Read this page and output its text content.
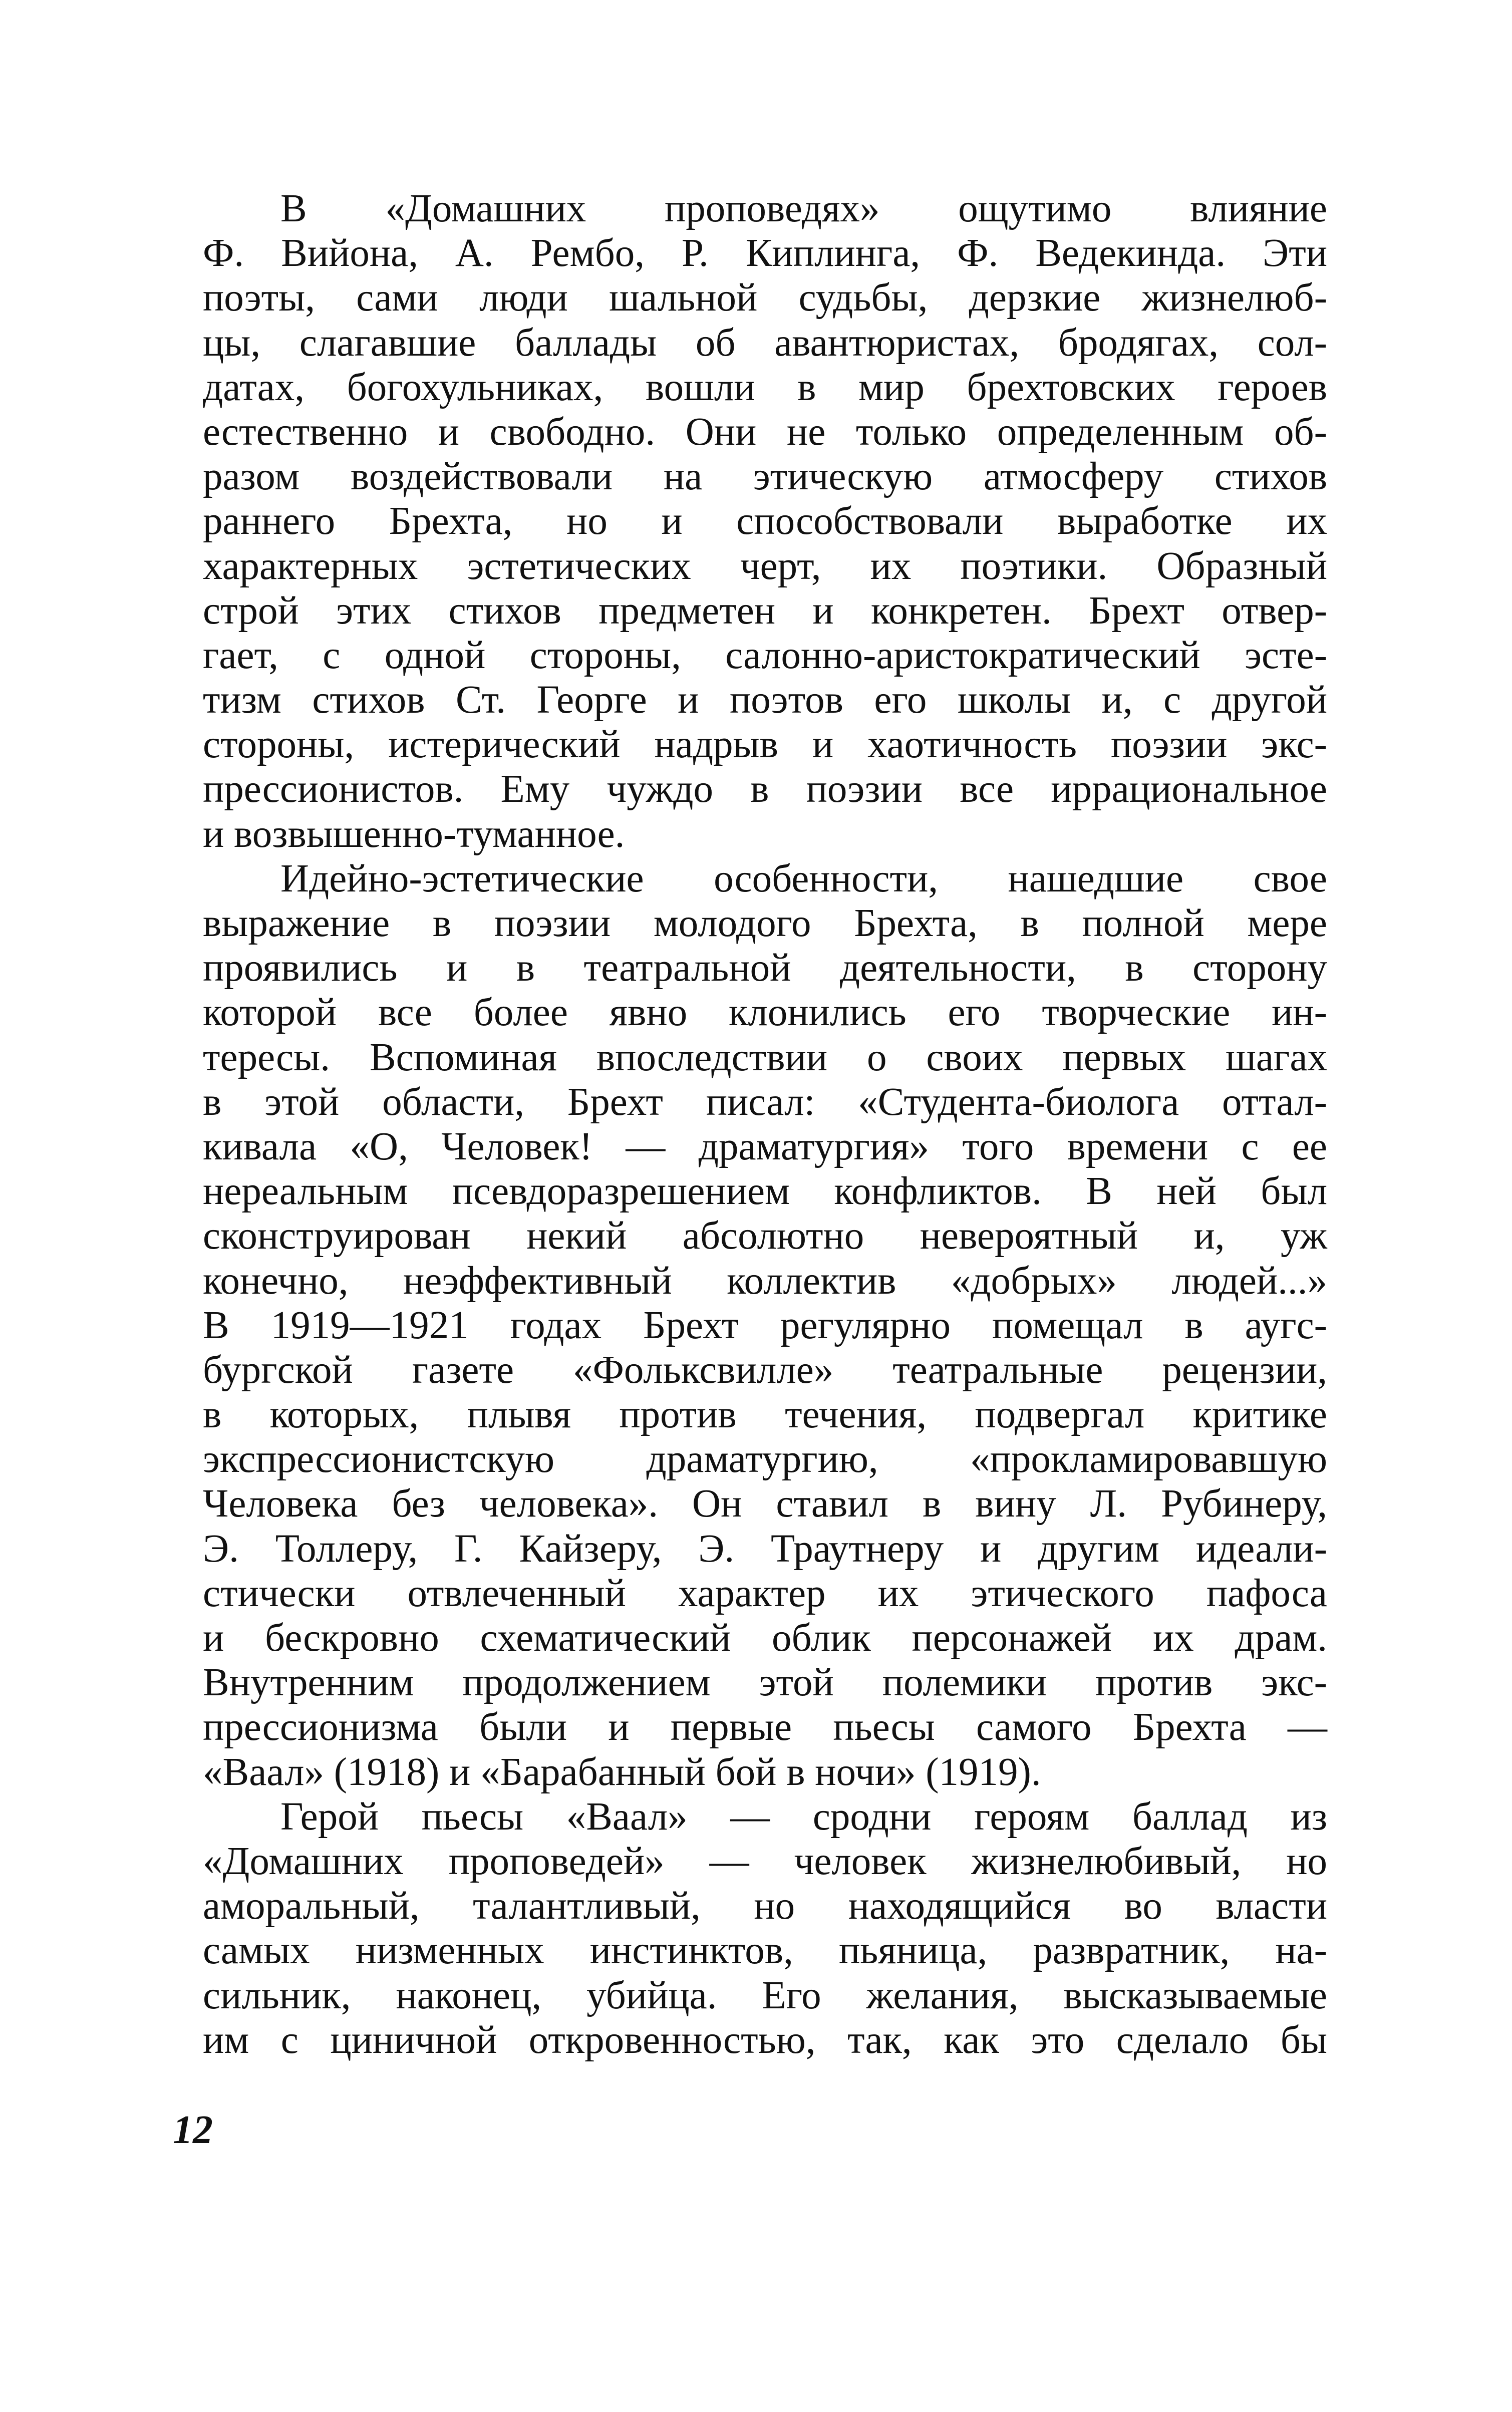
В «Домашних проповедях» ощутимо влияние
Ф. Вийона, А. Рембо, Р. Киплинга, Ф. Ведекинда. Эти
поэты, сами люди шальной судьбы, дерзкие жизнелюб-
цы, слагавшие баллады об авантюристах, бродягах, сол-
датах, богохульниках, вошли в мир брехтовских героев
естественно и свободно. Они не только определенным об-
разом воздействовали на этическую атмосферу стихов
раннего Брехта, но и способствовали выработке их
характерных эстетических черт, их поэтики. Образный
строй этих стихов предметен и конкретен. Брехт отвер-
гает, с одной стороны, салонно-аристократический эсте-
тизм стихов Ст. Георге и поэтов его школы и, с другой
стороны, истерический надрыв и хаотичность поэзии экс-
прессионистов. Ему чуждо в поэзии все иррациональное
и возвышенно-туманное.
Идейно-эстетические особенности, нашедшие свое
выражение в поэзии молодого Брехта, в полной мере
проявились и в театральной деятельности, в сторону
которой все более явно клонились его творческие ин-
тересы. Вспоминая впоследствии о своих первых шагах
в этой области, Брехт писал: «Студента-биолога оттал-
кивала «О, Человек! — драматургия» того времени с ее
нереальным псевдоразрешением конфликтов. В ней был
сконструирован некий абсолютно невероятный и, уж
конечно, неэффективный коллектив «добрых» людей...»
В 1919—1921 годах Брехт регулярно помещал в аугс-
бургской газете «Фольксвилле» театральные рецензии,
в которых, плывя против течения, подвергал критике
экспрессионистскую драматургию, «прокламировавшую
Человека без человека». Он ставил в вину Л. Рубинеру,
Э. Толлеру, Г. Кайзеру, Э. Траутнеру и другим идеали-
стически отвлеченный характер их этического пафоса
и бескровно схематический облик персонажей их драм.
Внутренним продолжением этой полемики против экс-
прессионизма были и первые пьесы самого Брехта —
«Ваал» (1918) и «Барабанный бой в ночи» (1919).
Герой пьесы «Ваал» — сродни героям баллад из
«Домашних проповедей» — человек жизнелюбивый, но
аморальный, талантливый, но находящийся во власти
самых низменных инстинктов, пьяница, развратник, на-
сильник, наконец, убийца. Его желания, высказываемые
им с циничной откровенностью, так, как это сделало бы
12
